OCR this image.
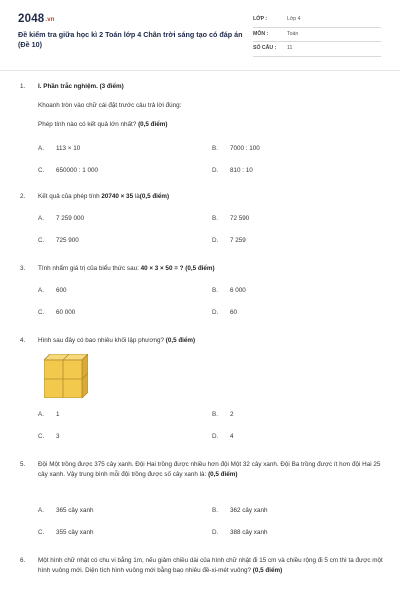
2048.vn
Đề kiểm tra giữa học kì 2 Toán lớp 4 Chân trời sáng tạo có đáp án (Đề 10)
LỚP :	Lớp 4
MÔN :	Toán
SỐ CÂU : 11
1.	I. Phần trắc nghiệm. (3 điểm)
Khoanh tròn vào chữ cái đặt trước câu trả lời đúng:
Phép tính nào có kết quả lớn nhất? (0,5 điểm)
A. 113 × 10	B. 7000 : 100
C. 650000 : 1 000	D. 810 : 10
2.	Kết quả của phép tính 20740 × 35 là(0,5 điểm)
A. 7 259 000	B. 72 590
C. 725 900	D. 7 259
3.	Tính nhẩm giá trị của biểu thức sau: 40 × 3 × 50 = ? (0,5 điểm)
A. 600	B. 6 000
C. 60 000	D. 60
4.	Hình sau đây có bao nhiêu khối lập phương? (0,5 điểm)
A. 1	B. 2
C. 3	D. 4
5.	Đội Một trồng được 375 cây xanh. Đội Hai trồng được nhiều hơn đội Một 32 cây xanh. Đội Ba trồng được ít hơn đội Hai 25 cây xanh. Vậy trung bình mỗi đội trồng được số cây xanh là: (0,5 điểm)
A. 365 cây xanh	B. 362 cây xanh
C. 355 cây xanh	D. 388 cây xanh
6.	Một hình chữ nhật có chu vi bằng 1m, nếu giảm chiều dài của hình chữ nhật đi 15 cm và chiều rộng đi 5 cm thì ta được một hình vuông mới. Diện tích hình vuông mới bằng bao nhiêu đề-xi-mét vuông? (0,5 điểm)
